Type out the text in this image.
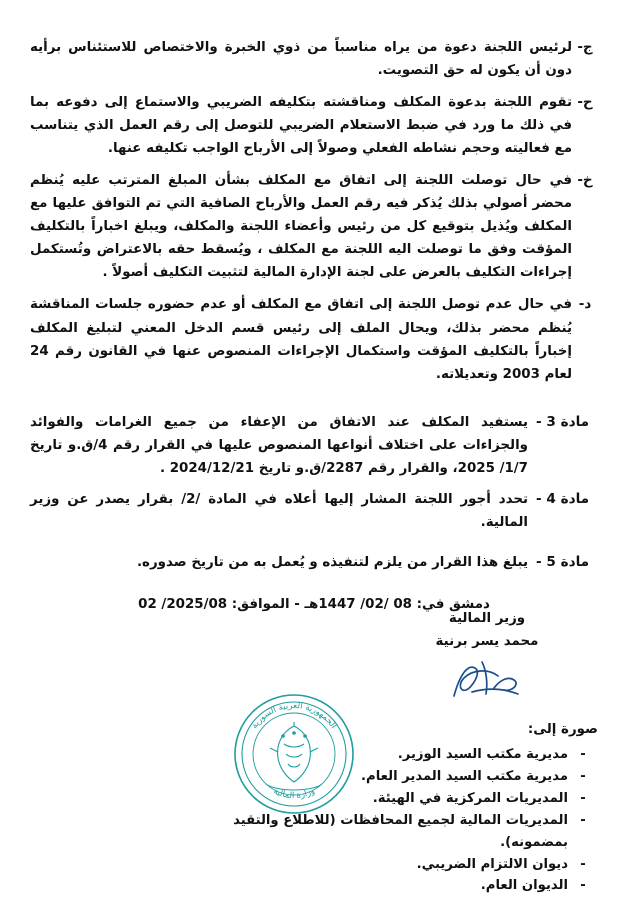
ج-
لرئيس اللجنة دعوة من يراه مناسباً من ذوي الخبرة والاختصاص للاستئناس برأيه دون أن يكون له حق التصويت.
ح-
تقوم اللجنة بدعوة المكلف ومناقشته بتكليفه الضريبي والاستماع إلى دفوعه بما في ذلك ما ورد في ضبط الاستعلام الضريبي للتوصل إلى رقم العمل الذي يتناسب مع فعاليته وحجم نشاطه الفعلي وصولاً إلى الأرباح الواجب تكليفه عنها.
خ-
في حال توصلت اللجنة إلى اتفاق مع المكلف بشأن المبلغ المترتب عليه يُنظم محضر أصولي بذلك يُذكر فيه رقم العمل والأرباح الصافية التي تم التوافق عليها مع المكلف ويُذيل بتوقيع كل من رئيس وأعضاء اللجنة والمكلف، ويبلغ اخباراً بالتكليف المؤقت وفق ما توصلت اليه اللجنة مع المكلف ، ويُسقط حقه بالاعتراض وتُستكمل إجراءات التكليف بالعرض على لجنة الإدارة المالية لتثبيت التكليف أصولاً .
د-
في حال عدم توصل اللجنة إلى اتفاق مع المكلف أو عدم حضوره جلسات المناقشة يُنظم محضر بذلك، ويحال الملف إلى رئيس قسم الدخل المعني لتبليغ المكلف إخباراً بالتكليف المؤقت واستكمال الإجراءات المنصوص عنها في القانون رقم 24 لعام 2003 وتعديلاته.
مادة 3 -
يستفيد المكلف عند الاتفاق من الإعفاء من جميع الغرامات والفوائد والجزاءات على اختلاف أنواعها المنصوص عليها في القرار رقم 4/ق.و تاريخ 1/7/ 2025، والقرار رقم 2287/ق.و تاريخ 2024/12/21 .
مادة 4 -
تحدد أجور اللجنة المشار إليها أعلاه في المادة /2/ بقرار يصدر عن وزير المالية.
مادة 5 -
يبلغ هذا القرار من يلزم لتنفيذه و يُعمل به من تاريخ صدوره.
دمشق في: 08 /02/ 1447هـ - الموافق: 2025/08/ 02
وزير المالية
محمد يسر برنية
الجمهورية العربية السورية
وزارة المالية
صورة إلى:
-
مديرية مكتب السيد الوزير.
-
مديرية مكتب السيد المدير العام.
-
المديريات المركزية في الهيئة.
-
المديريات المالية لجميع المحافظات (للاطلاع والتقيد بمضمونه).
-
ديوان الالتزام الضريبي.
-
الديوان العام.
